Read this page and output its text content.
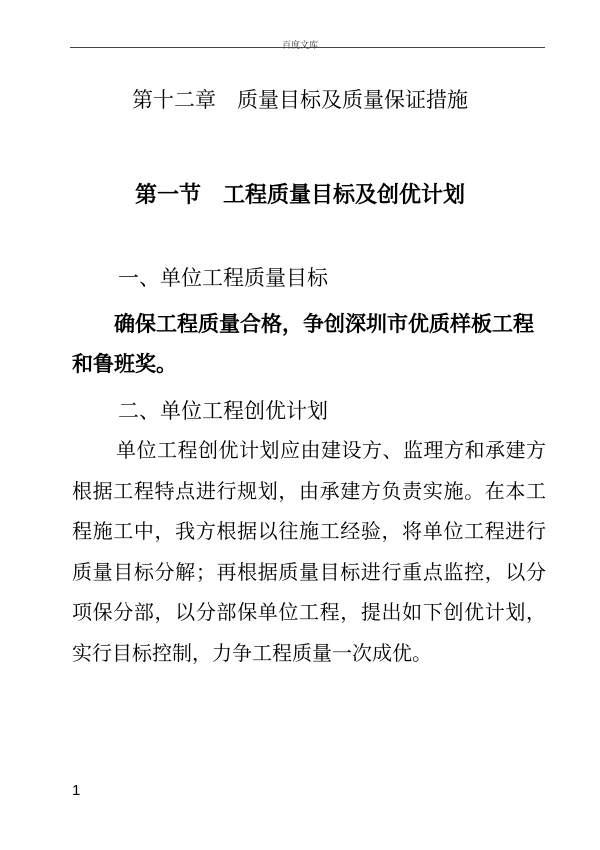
百度文库
第十二章　质量目标及质量保证措施
第一节　工程质量目标及创优计划
一、单位工程质量目标
确保工程质量合格，争创深圳市优质样板工程和鲁班奖。
二、单位工程创优计划
单位工程创优计划应由建设方、监理方和承建方根据工程特点进行规划，由承建方负责实施。在本工程施工中，我方根据以往施工经验，将单位工程进行质量目标分解；再根据质量目标进行重点监控，以分项保分部，以分部保单位工程，提出如下创优计划，实行目标控制，力争工程质量一次成优。
1
